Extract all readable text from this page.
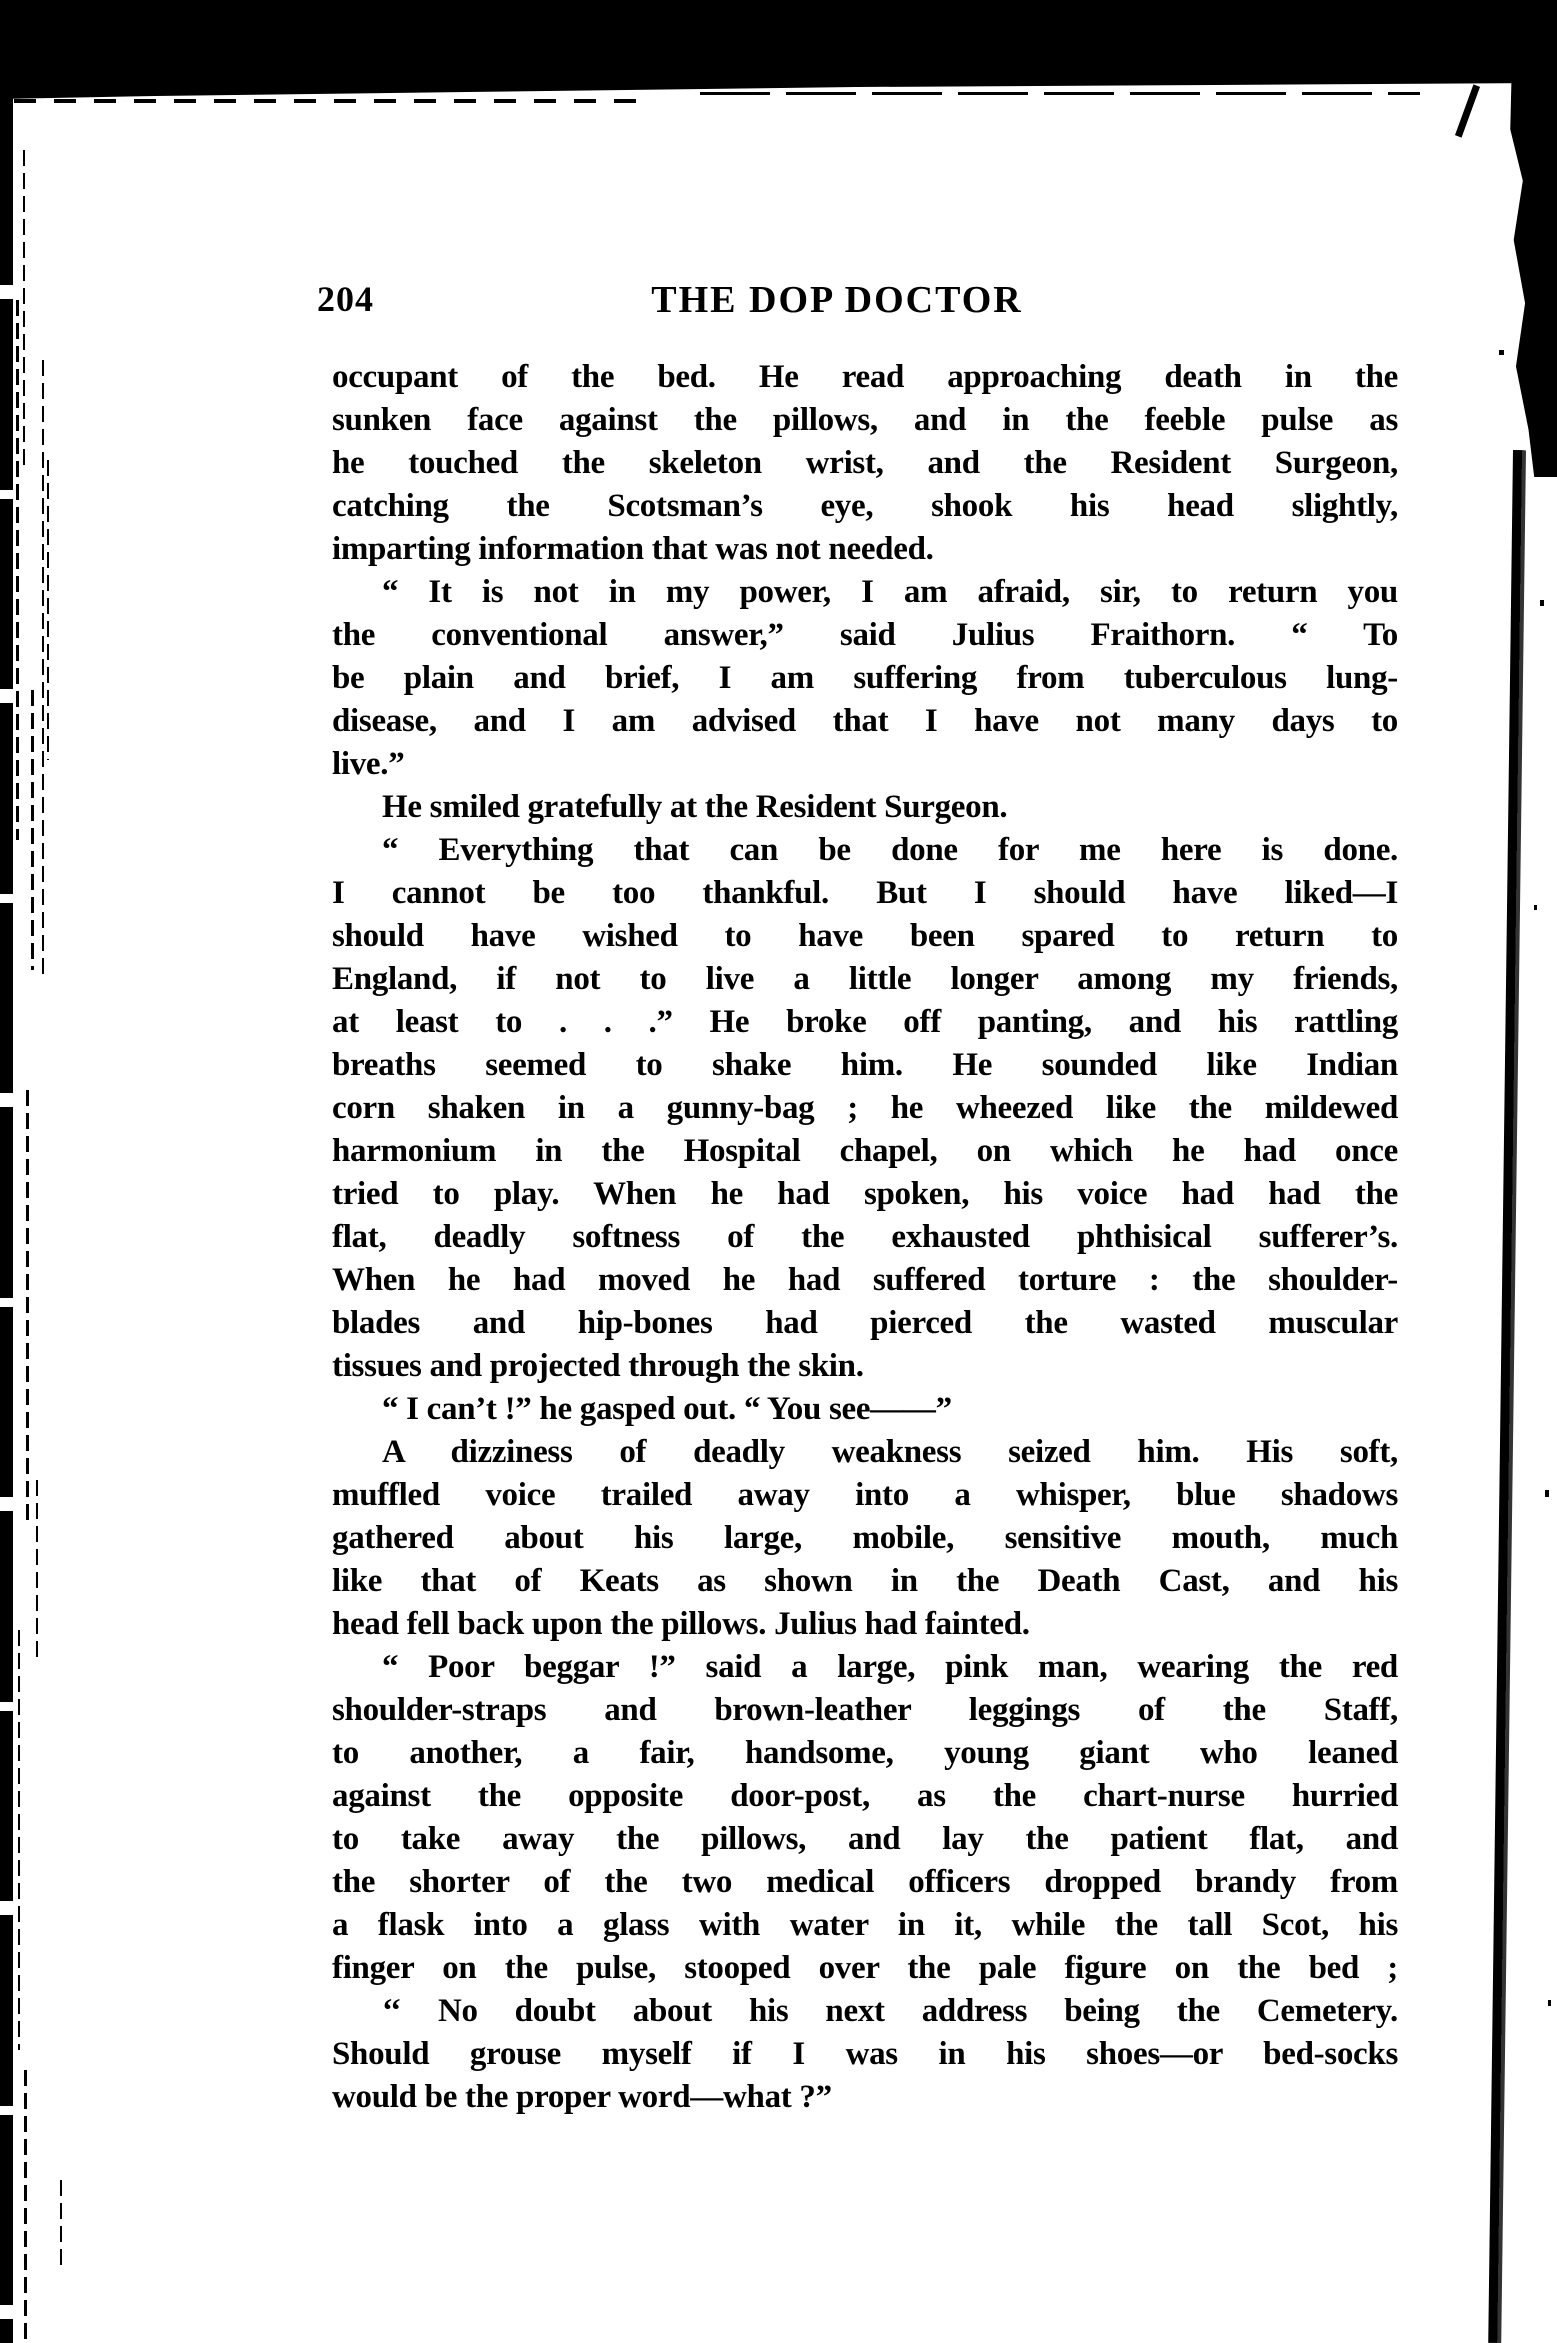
204	THE DOP DOCTOR
occupant of the bed. He read approaching death in the
sunken face against the pillows, and in the feeble pulse as
he touched the skeleton wrist, and the Resident Surgeon,
catching the Scotsman’s eye, shook his head slightly,
imparting information that was not needed.
“ It is not in my power, I am afraid, sir, to return you
the conventional answer,” said Julius Fraithorn. “ To
be plain and brief, I am suffering from tuberculous lung-
disease, and I am advised that I have not many days to
live.”
He smiled gratefully at the Resident Surgeon.
“ Everything that can be done for me here is done.
I cannot be too thankful. But I should have liked—I
should have wished to have been spared to return to
England, if not to live a little longer among my friends,
at least to . . .” He broke off panting, and his rattling
breaths seemed to shake him. He sounded like Indian
corn shaken in a gunny-bag ; he wheezed like the mildewed
harmonium in the Hospital chapel, on which he had once
tried to play. When he had spoken, his voice had had the
flat, deadly softness of the exhausted phthisical sufferer’s.
When he had moved he had suffered torture : the shoulder-
blades and hip-bones had pierced the wasted muscular
tissues and projected through the skin.
“ I can’t !” he gasped out. “ You see——”
A dizziness of deadly weakness seized him. His soft,
muffled voice trailed away into a whisper, blue shadows
gathered about his large, mobile, sensitive mouth, much
like that of Keats as shown in the Death Cast, and his
head fell back upon the pillows. Julius had fainted.
“ Poor beggar !” said a large, pink man, wearing the red
shoulder-straps and brown-leather leggings of the Staff,
to another, a fair, handsome, young giant who leaned
against the opposite door-post, as the chart-nurse hurried
to take away the pillows, and lay the patient flat, and
the shorter of the two medical officers dropped brandy from
a flask into a glass with water in it, while the tall Scot, his
finger on the pulse, stooped over the pale figure on the bed ;
‘‘ No doubt about his next address being the Cemetery.
Should grouse myself if I was in his shoes—or bed-socks
would be the proper word—what ?”
